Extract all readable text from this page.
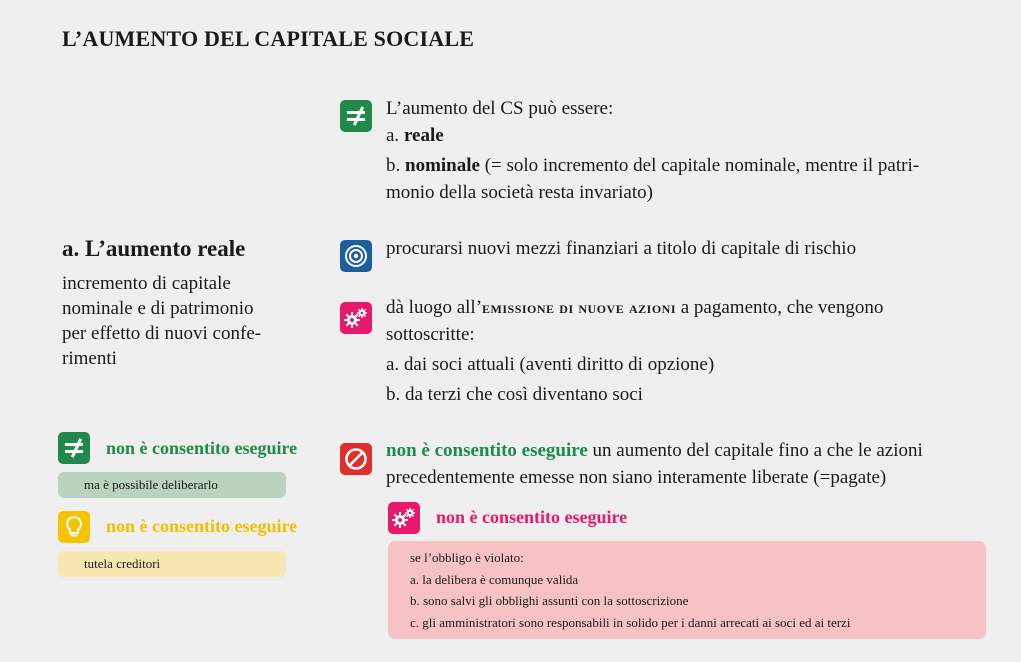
L’AUMENTO DEL CAPITALE SOCIALE

L’aumento del CS può essere:

a. reale

b. nominale (= solo incremento del capitale nominale, mentre il patri-

monio della società resta invariato)

a. L’aumento reale
incremento di capitale
nominale e di patrimonio
per effetto di nuovi confe-
rimenti
procurarsi nuovi mezzi finanziari a titolo di capitale di rischio

dà luogo all’emissione di nuove azioni a pagamento, che vengono

sottoscritte:

a. dai soci attuali (aventi diritto di opzione)

b. da terzi che così diventano soci

non è consentito eseguire
ma è possibile deliberarlo
non è consentito eseguire
tutela creditori

non è consentito eseguire un aumento del capitale fino a che le azioni

precedentemente emesse non siano interamente liberate (=pagate)

non è consentito eseguire

se l’obbligo è violato:

a. la delibera è comunque valida

b. sono salvi gli obblighi assunti con la sottoscrizione

c. gli amministratori sono responsabili in solido per i danni arrecati ai soci ed ai terzi
